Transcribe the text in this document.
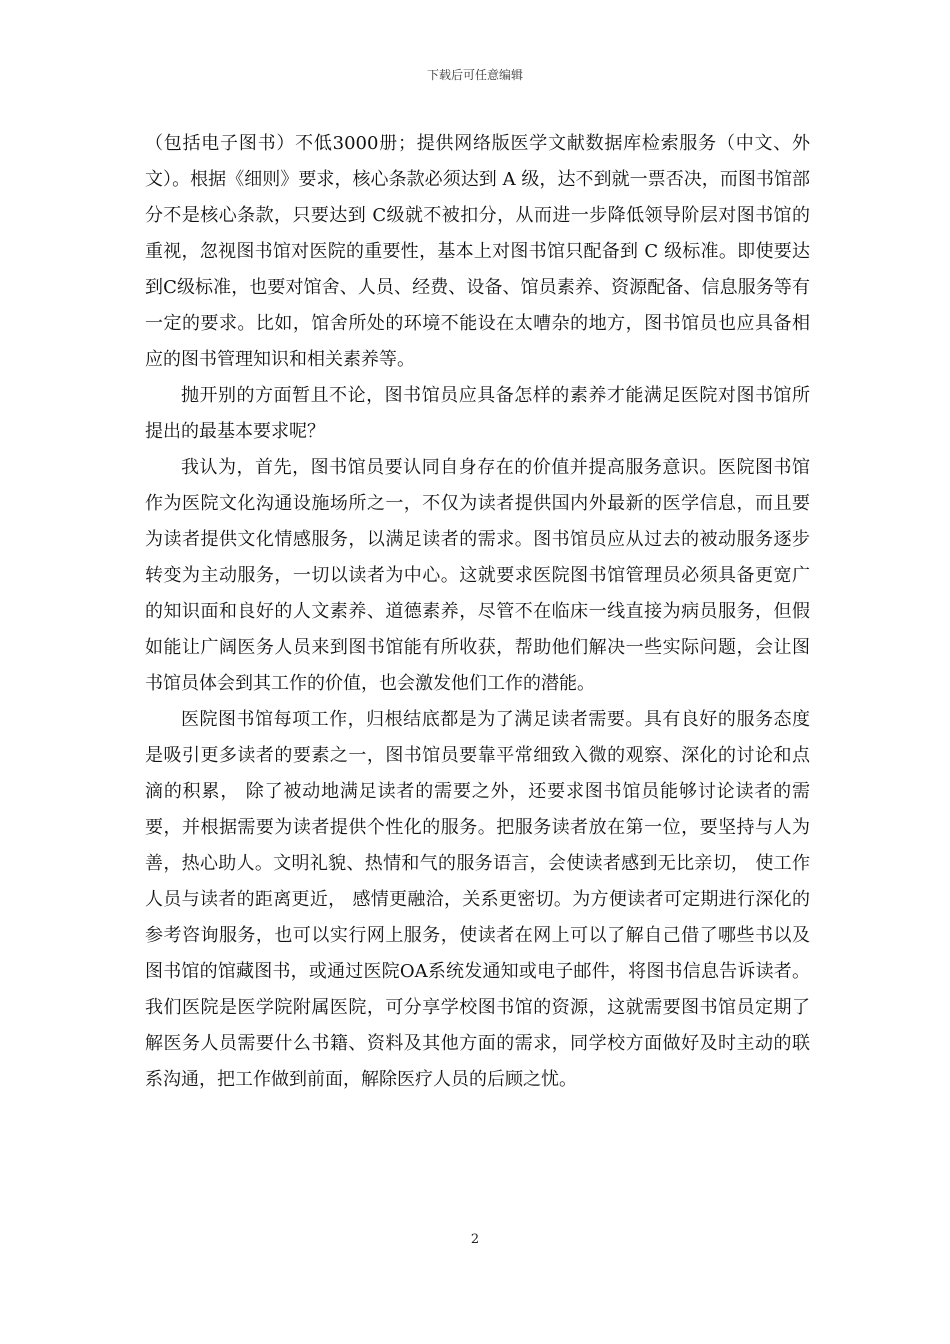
下载后可任意编辑

（包括电子图书）不低3000册；提供网络版医学文献数据库检索服务（中文、外文）。根据《细则》要求，核心条款必须达到 A 级，达不到就一票否决，而图书馆部分不是核心条款，只要达到 C级就不被扣分，从而进一步降低领导阶层对图书馆的重视，忽视图书馆对医院的重要性，基本上对图书馆只配备到 C 级标准。即使要达到C级标准，也要对馆舍、人员、经费、设备、馆员素养、资源配备、信息服务等有一定的要求。比如，馆舍所处的环境不能设在太嘈杂的地方，图书馆员也应具备相应的图书管理知识和相关素养等。

抛开别的方面暂且不论，图书馆员应具备怎样的素养才能满足医院对图书馆所提出的最基本要求呢？

我认为，首先，图书馆员要认同自身存在的价值并提高服务意识。医院图书馆作为医院文化沟通设施场所之一，不仅为读者提供国内外最新的医学信息，而且要为读者提供文化情感服务，以满足读者的需求。图书馆员应从过去的被动服务逐步转变为主动服务，一切以读者为中心。这就要求医院图书馆管理员必须具备更宽广的知识面和良好的人文素养、道德素养，尽管不在临床一线直接为病员服务，但假如能让广阔医务人员来到图书馆能有所收获，帮助他们解决一些实际问题，会让图书馆员体会到其工作的价值，也会激发他们工作的潜能。

医院图书馆每项工作，归根结底都是为了满足读者需要。具有良好的服务态度是吸引更多读者的要素之一，图书馆员要靠平常细致入微的观察、深化的讨论和点滴的积累， 除了被动地满足读者的需要之外，还要求图书馆员能够讨论读者的需要，并根据需要为读者提供个性化的服务。把服务读者放在第一位，要坚持与人为善，热心助人。文明礼貌、热情和气的服务语言，会使读者感到无比亲切， 使工作人员与读者的距离更近， 感情更融洽，关系更密切。为方便读者可定期进行深化的参考咨询服务，也可以实行网上服务，使读者在网上可以了解自己借了哪些书以及图书馆的馆藏图书，或通过医院OA系统发通知或电子邮件，将图书信息告诉读者。我们医院是医学院附属医院，可分享学校图书馆的资源，这就需要图书馆员定期了解医务人员需要什么书籍、资料及其他方面的需求，同学校方面做好及时主动的联系沟通，把工作做到前面，解除医疗人员的后顾之忧。

2
